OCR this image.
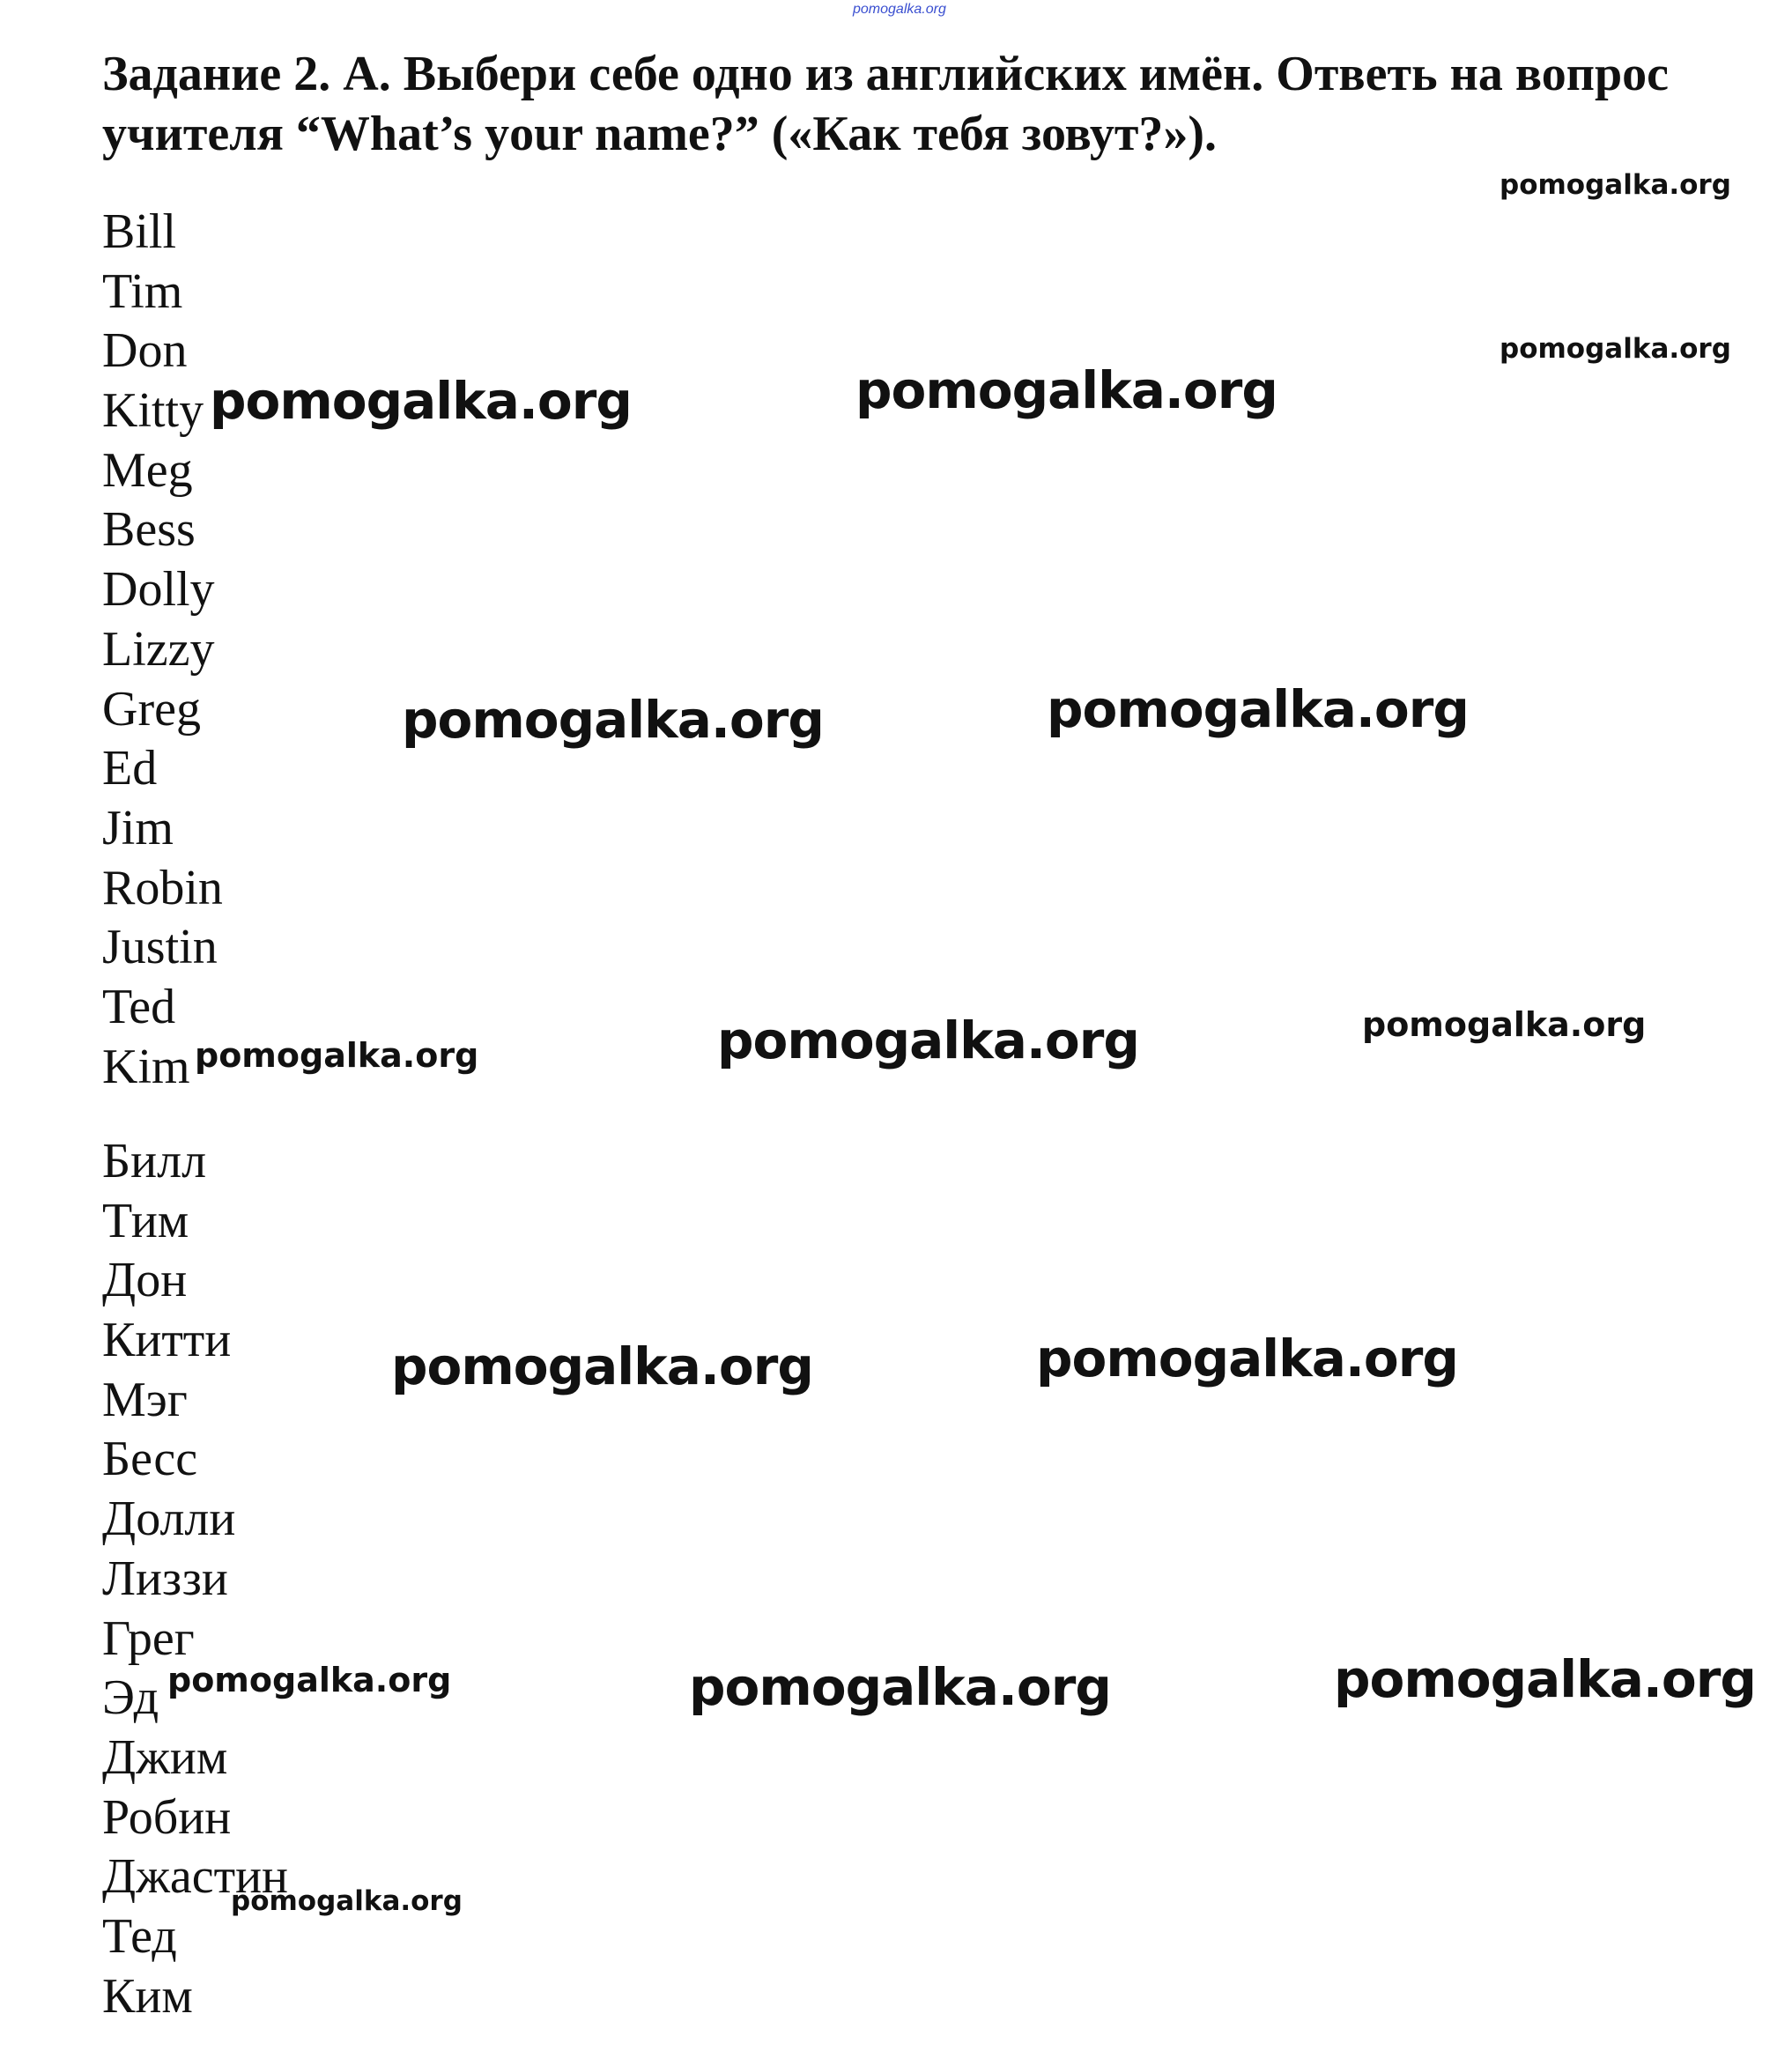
pomogalka.org
Задание 2. А. Выбери себе одно из английских имён. Ответь на вопрос учителя “What’s your name?” («Как тебя зовут?»).
Bill
Tim
Don
Kitty
Meg
Bess
Dolly
Lizzy
Greg
Ed
Jim
Robin
Justin
Ted
Kim
Билл
Тим
Дон
Китти
Мэг
Бесс
Долли
Лиззи
Грег
Эд
Джим
Робин
Джастин
Тед
Ким
pomogalka.org
pomogalka.org
pomogalka.org	pomogalka.org
pomogalka.org	pomogalka.org
pomogalka.org	pomogalka.org	pomogalka.org
pomogalka.org	pomogalka.org
pomogalka.org	pomogalka.org	pomogalka.org
pomogalka.org
